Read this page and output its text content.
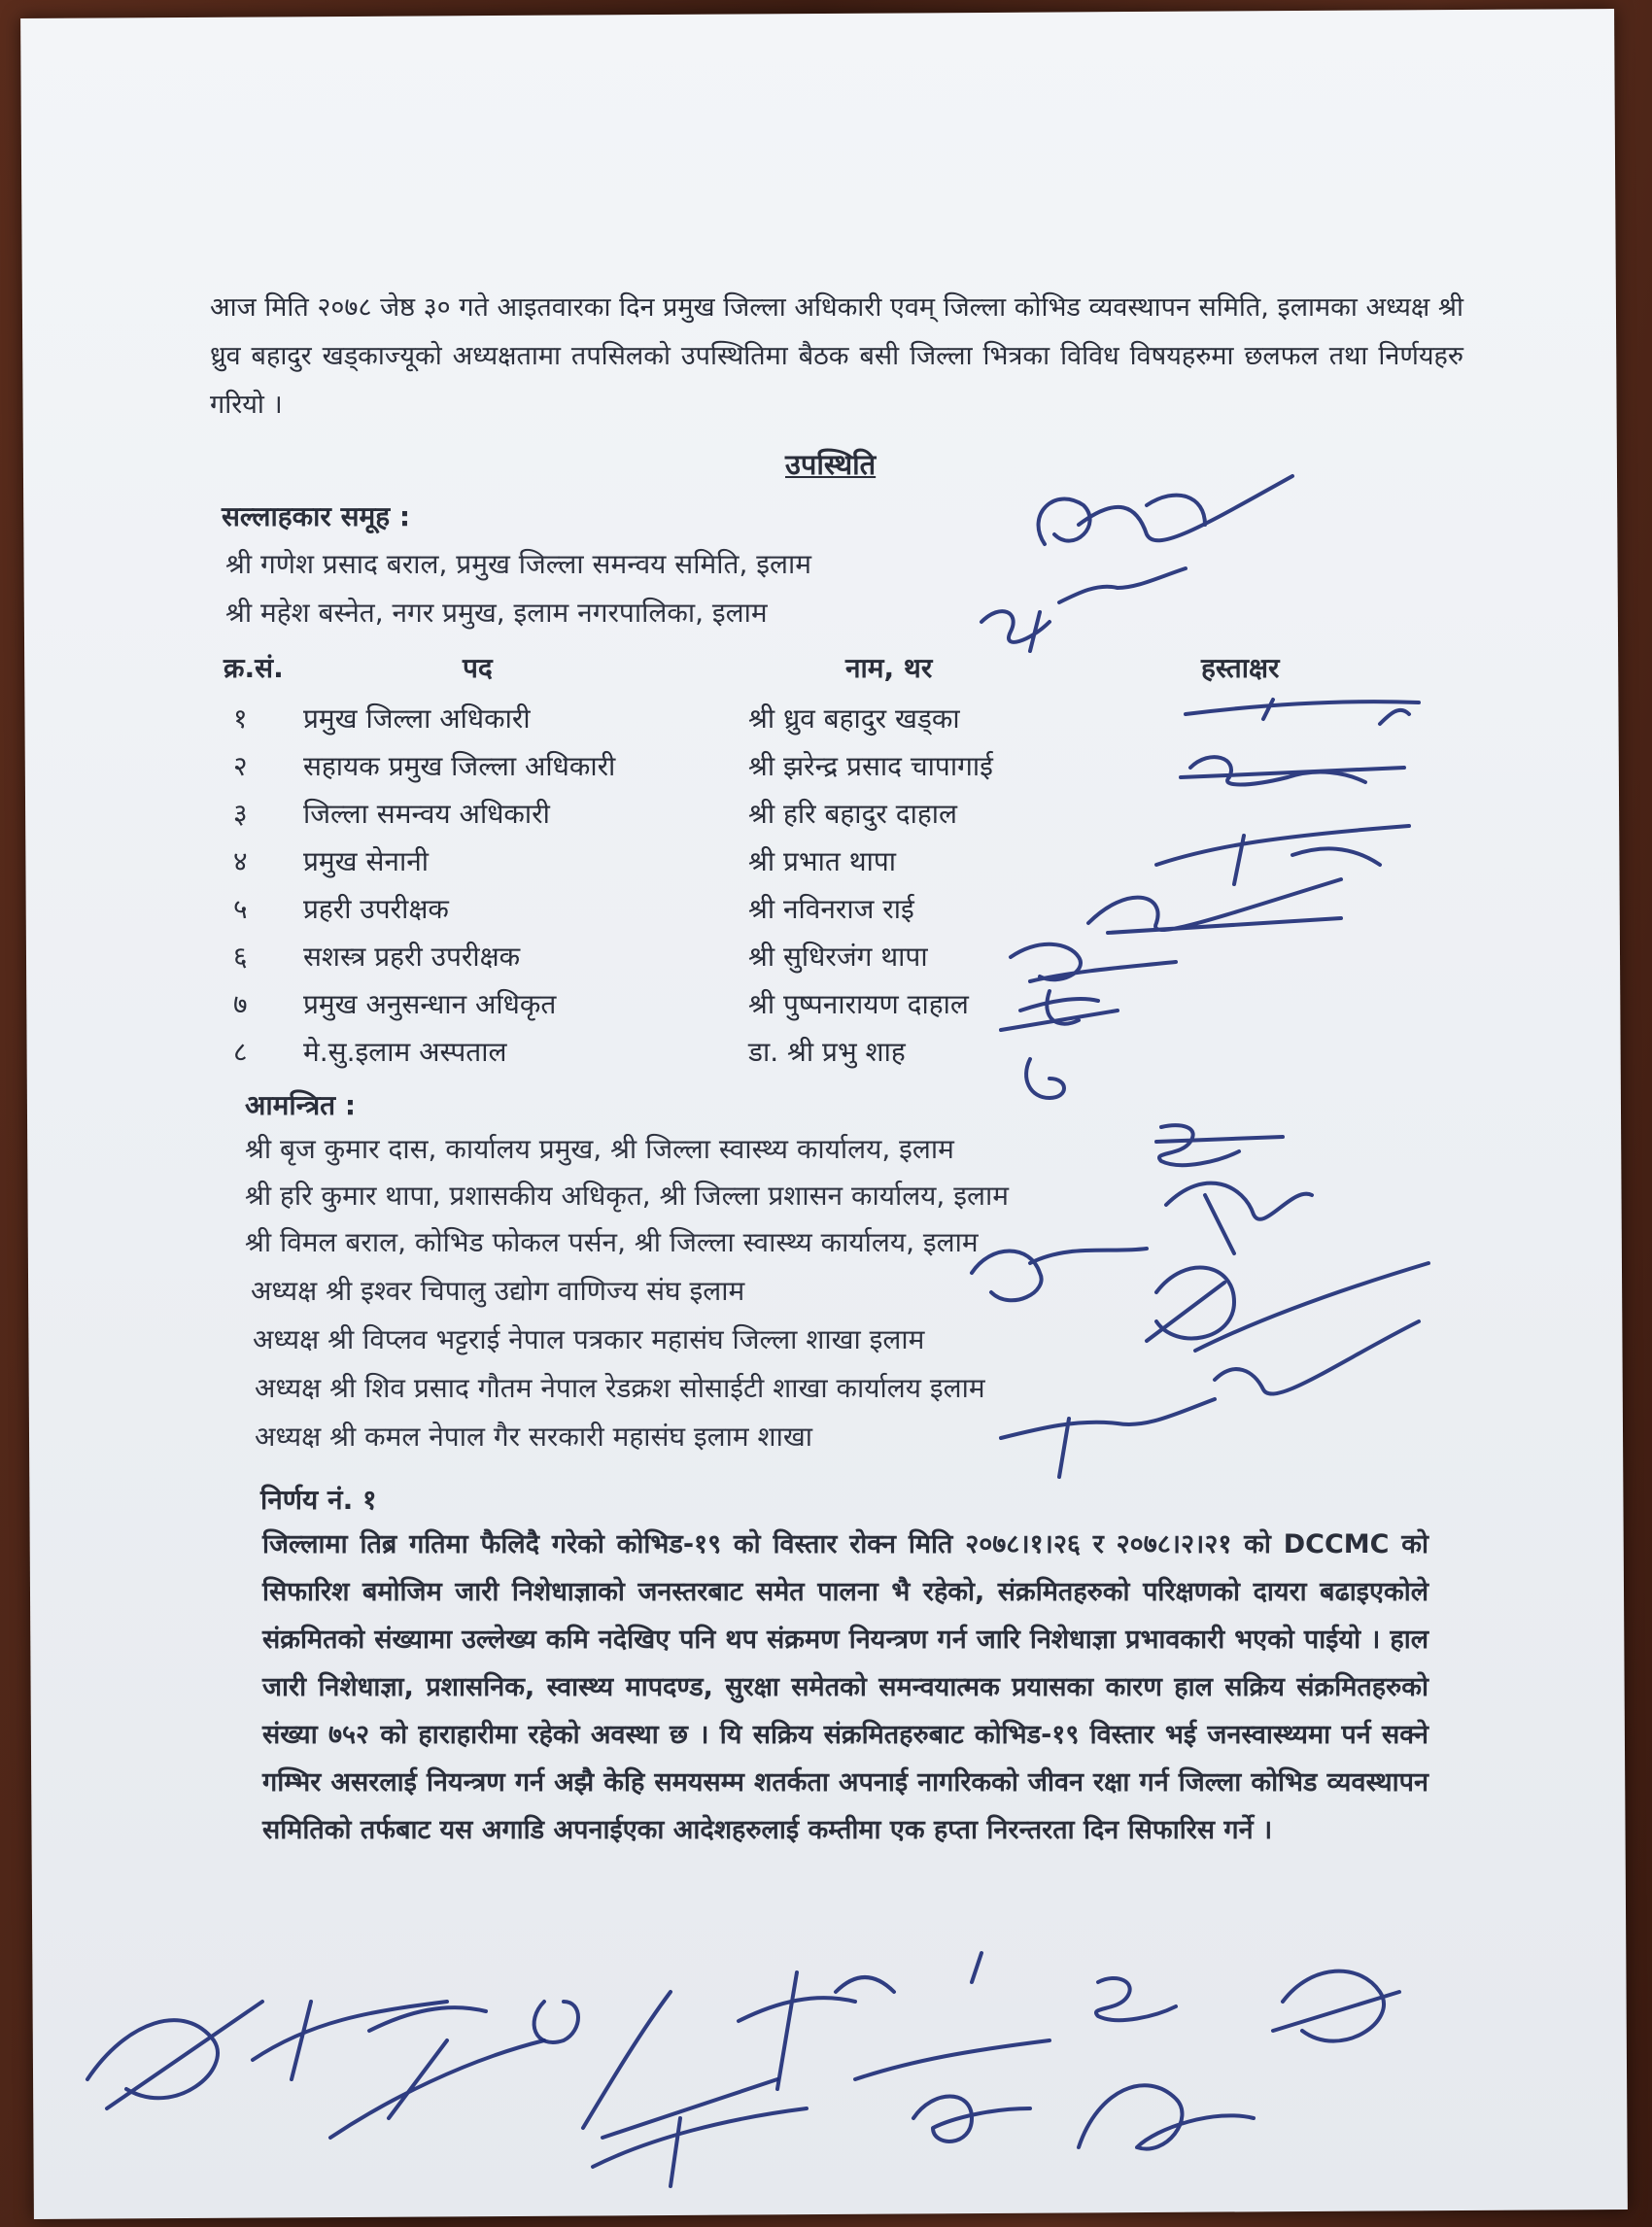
आज मिति २०७८ जेष्ठ ३० गते आइतवारका दिन प्रमुख जिल्ला अधिकारी एवम् जिल्ला कोभिड व्यवस्थापन समिति, इलामका अध्यक्ष श्री ध्रुव बहादुर खड्काज्यूको अध्यक्षतामा तपसिलको उपस्थितिमा बैठक बसी जिल्ला भित्रका विविध विषयहरुमा छलफल तथा निर्णयहरु गरियो ।
उपस्थिति
सल्लाहकार समूह :
श्री गणेश प्रसाद बराल, प्रमुख जिल्ला समन्वय समिति, इलाम
श्री महेश बस्नेत, नगर प्रमुख, इलाम नगरपालिका, इलाम
क्र.सं.	पद	नाम, थर	हस्ताक्षर
१ प्रमुख जिल्ला अधिकारी	श्री ध्रुव बहादुर खड्का
२ सहायक प्रमुख जिल्ला अधिकारी	श्री झरेन्द्र प्रसाद चापागाई
३ जिल्ला समन्वय अधिकारी	श्री हरि बहादुर दाहाल
४ प्रमुख सेनानी	श्री प्रभात थापा
५ प्रहरी उपरीक्षक	श्री नविनराज राई
६ सशस्त्र प्रहरी उपरीक्षक	श्री सुधिरजंग थापा
७ प्रमुख अनुसन्धान अधिकृत	श्री पुष्पनारायण दाहाल
८ मे.सु.इलाम अस्पताल	डा. श्री प्रभु शाह
आमन्त्रित :
श्री बृज कुमार दास, कार्यालय प्रमुख, श्री जिल्ला स्वास्थ्य कार्यालय, इलाम
श्री हरि कुमार थापा, प्रशासकीय अधिकृत, श्री जिल्ला प्रशासन कार्यालय, इलाम
श्री विमल बराल, कोभिड फोकल पर्सन, श्री जिल्ला स्वास्थ्य कार्यालय, इलाम
अध्यक्ष श्री इश्वर चिपालु उद्योग वाणिज्य संघ इलाम
अध्यक्ष श्री विप्लव भट्टराई नेपाल पत्रकार महासंघ जिल्ला शाखा इलाम
अध्यक्ष श्री शिव प्रसाद गौतम नेपाल रेडक्रश सोसाईटी शाखा कार्यालय इलाम
अध्यक्ष श्री कमल नेपाल गैर सरकारी महासंघ इलाम शाखा
निर्णय नं. १
जिल्लामा तिब्र गतिमा फैलिदै गरेको कोभिड-१९ को विस्तार रोक्न मिति २०७८।१।२६ र २०७८।२।२१ को DCCMC को सिफारिश बमोजिम जारी निशेधाज्ञाको जनस्तरबाट समेत पालना भै रहेको, संक्रमितहरुको परिक्षणको दायरा बढाइएकोले संक्रमितको संख्यामा उल्लेख्य कमि नदेखिए पनि थप संक्रमण नियन्त्रण गर्न जारि निशेधाज्ञा प्रभावकारी भएको पाईयो । हाल जारी निशेधाज्ञा, प्रशासनिक, स्वास्थ्य मापदण्ड, सुरक्षा समेतको समन्वयात्मक प्रयासका कारण हाल सक्रिय संक्रमितहरुको संख्या ७५२ को हाराहारीमा रहेको अवस्था छ । यि सक्रिय संक्रमितहरुबाट कोभिड-१९ विस्तार भई जनस्वास्थ्यमा पर्न सक्ने गम्भिर असरलाई नियन्त्रण गर्न अझै केहि समयसम्म शतर्कता अपनाई नागरिकको जीवन रक्षा गर्न जिल्ला कोभिड व्यवस्थापन समितिको तर्फबाट यस अगाडि अपनाईएका आदेशहरुलाई कम्तीमा एक हप्ता निरन्तरता दिन सिफारिस गर्ने ।
